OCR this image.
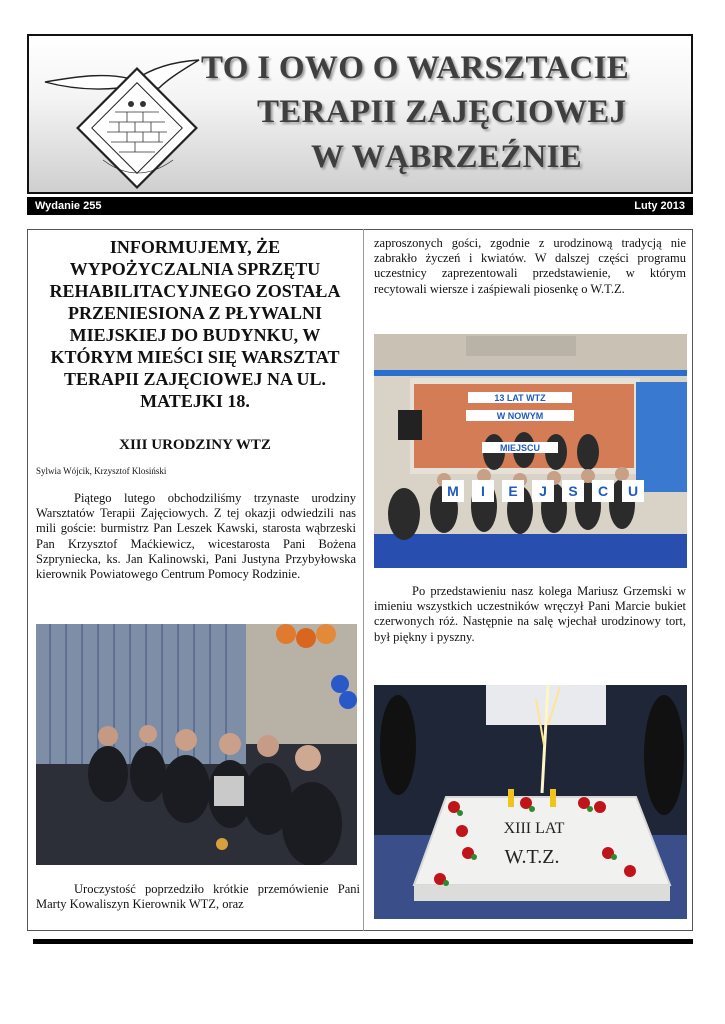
TO I OWO O WARSZTACIE
TERAPII ZAJĘCIOWEJ
W WĄBRZEŹNIE
Wydanie 255	Luty 2013
INFORMUJEMY, ŻE WYPOŻYCZALNIA SPRZĘTU REHABILITACYJNEGO ZOSTAŁA PRZENIESIONA Z PŁYWALNI MIEJSKIEJ DO BUDYNKU, W KTÓRYM MIEŚCI SIĘ WARSZTAT TERAPII ZAJĘCIOWEJ NA UL. MATEJKI 18.
XIII URODZINY WTZ
Sylwia Wójcik, Krzysztof Klosiński

Piątego lutego obchodziliśmy trzynaste urodziny Warsztatów Terapii Zajęciowych. Z tej okazji odwiedzili nas mili goście: burmistrz Pan Leszek Kawski, starosta wąbrzeski Pan Krzysztof Maćkiewicz, wicestarosta Pani Bożena Szpryniecka, ks. Jan Kalinowski, Pani Justyna Przybyłowska kierownik Powiatowego Centrum Pomocy Rodzinie.

Uroczystość poprzedziło krótkie przemówienie Pani Marty Kowaliszyn Kierownik WTZ, oraz

zaproszonych gości, zgodnie z urodzinową tradycją nie zabrakło życzeń i kwiatów. W dalszej części programu uczestnicy zaprezentowali przedstawienie, w którym recytowali wiersze i zaśpiewali piosenkę o W.T.Z.

13 LAT WTZ
W NOWYM
MIEJSCU
M I E J S C U

Po przedstawieniu nasz kolega Mariusz Grzemski w imieniu wszystkich uczestników wręczył Pani Marcie bukiet czerwonych róż. Następnie na salę wjechał urodzinowy tort, był piękny i pyszny.

XIII LAT
W.T.Z.
